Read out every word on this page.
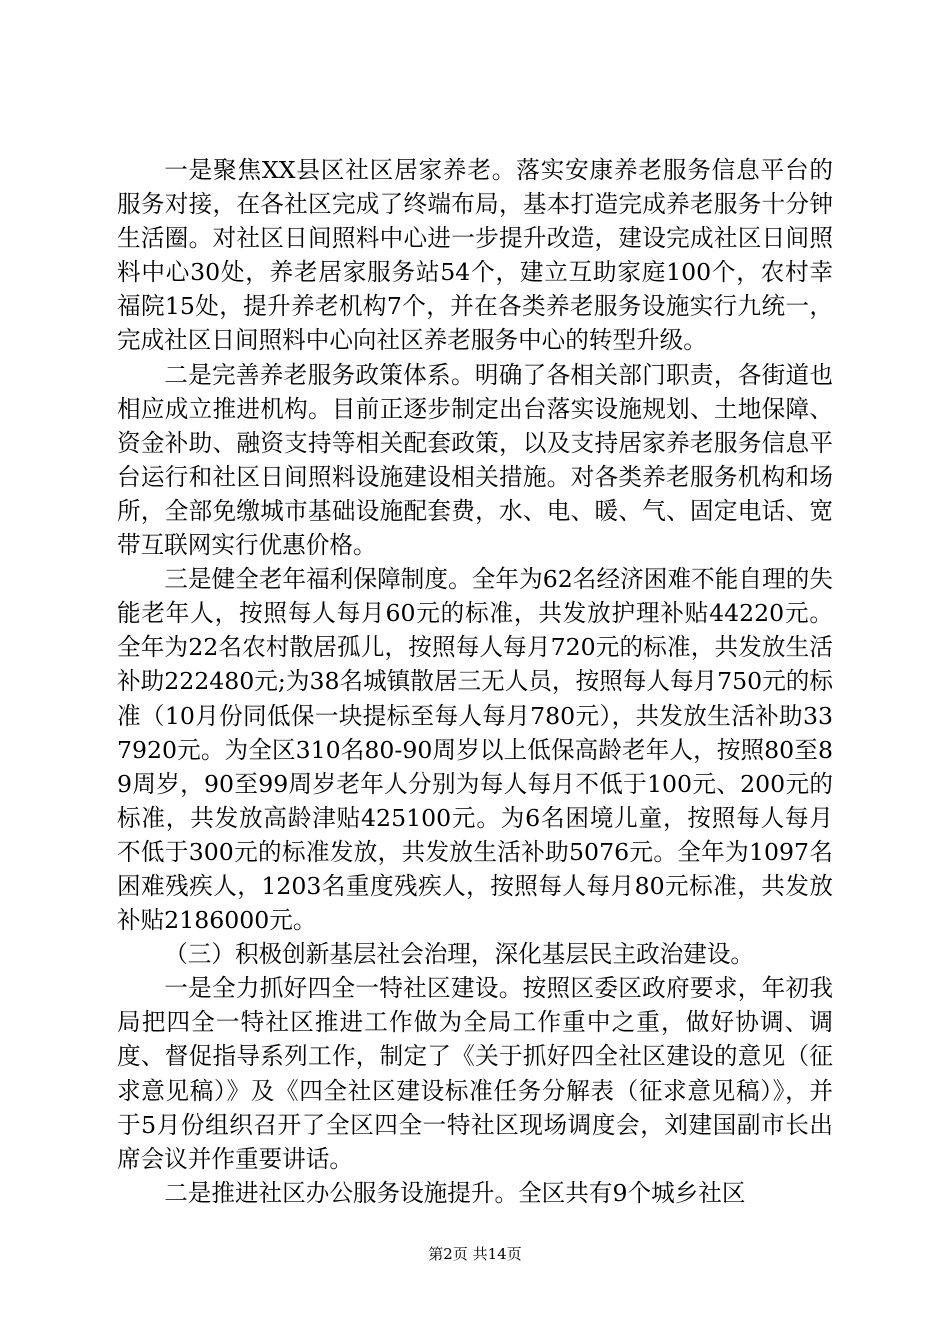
一是聚焦XX县区社区居家养老。落实安康养老服务信息平台的服务对接，在各社区完成了终端布局，基本打造完成养老服务十分钟生活圈。对社区日间照料中心进一步提升改造，建设完成社区日间照料中心30处，养老居家服务站54个，建立互助家庭100个，农村幸福院15处，提升养老机构7个，并在各类养老服务设施实行九统一，完成社区日间照料中心向社区养老服务中心的转型升级。

二是完善养老服务政策体系。明确了各相关部门职责，各街道也相应成立推进机构。目前正逐步制定出台落实设施规划、土地保障、资金补助、融资支持等相关配套政策，以及支持居家养老服务信息平台运行和社区日间照料设施建设相关措施。对各类养老服务机构和场所，全部免缴城市基础设施配套费，水、电、暖、气、固定电话、宽带互联网实行优惠价格。

三是健全老年福利保障制度。全年为62名经济困难不能自理的失能老年人，按照每人每月60元的标准，共发放护理补贴44220元。全年为22名农村散居孤儿，按照每人每月720元的标准，共发放生活补助222480元;为38名城镇散居三无人员，按照每人每月750元的标准（10月份同低保一块提标至每人每月780元），共发放生活补助337920元。为全区310名80-90周岁以上低保高龄老年人，按照80至89周岁，90至99周岁老年人分别为每人每月不低于100元、200元的标准，共发放高龄津贴425100元。为6名困境儿童，按照每人每月不低于300元的标准发放，共发放生活补助5076元。全年为1097名困难残疾人，1203名重度残疾人，按照每人每月80元标准，共发放补贴2186000元。

（三）积极创新基层社会治理，深化基层民主政治建设。

一是全力抓好四全一特社区建设。按照区委区政府要求，年初我局把四全一特社区推进工作做为全局工作重中之重，做好协调、调度、督促指导系列工作，制定了《关于抓好四全社区建设的意见（征求意见稿）》及《四全社区建设标准任务分解表（征求意见稿）》，并于5月份组织召开了全区四全一特社区现场调度会，刘建国副市长出席会议并作重要讲话。

二是推进社区办公服务设施提升。全区共有9个城乡社区

第2页 共14页
